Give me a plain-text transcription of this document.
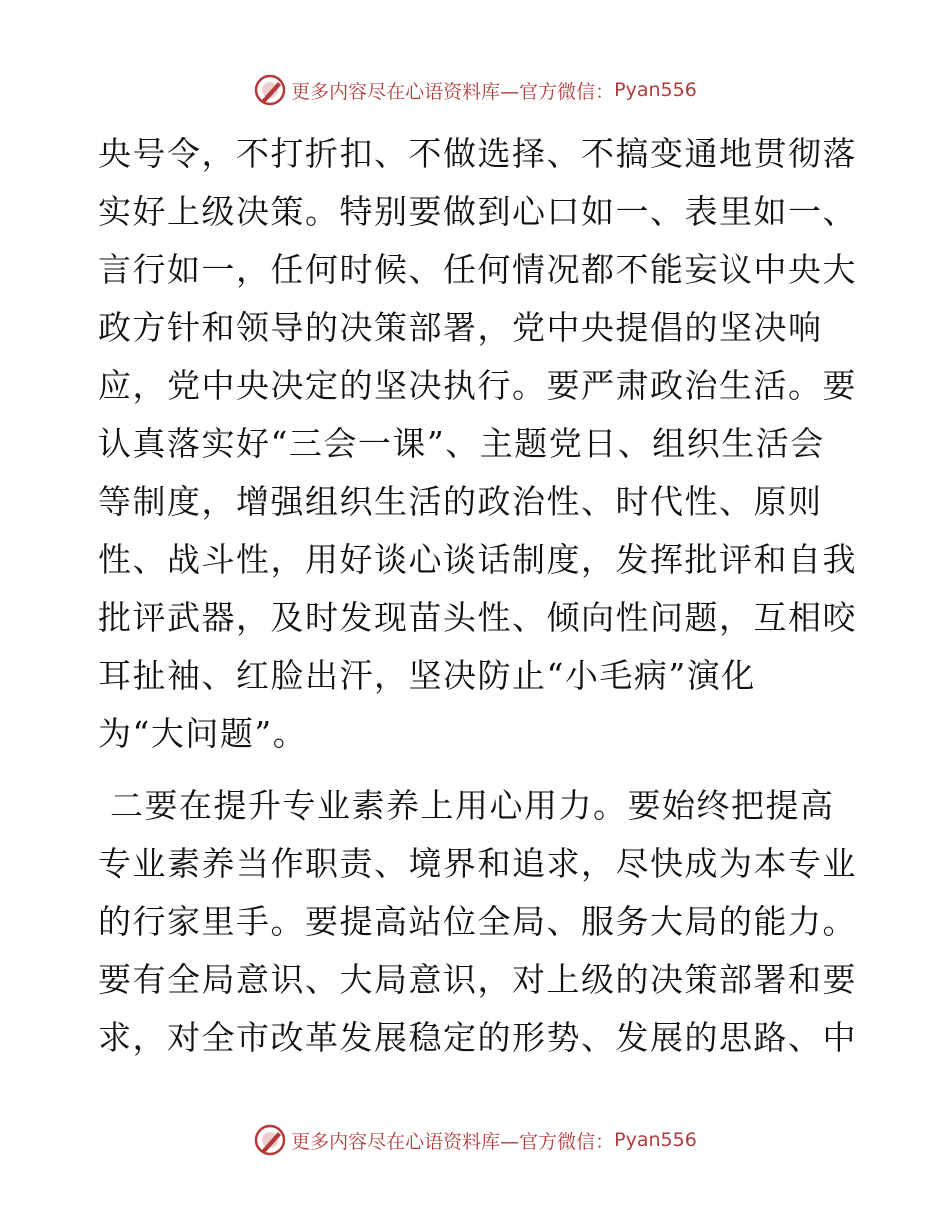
更多内容尽在心语资料库—官方微信： Pyan556

央号令，不打折扣、不做选择、不搞变通地贯彻落

实好上级决策。特别要做到心口如一、表里如一、

言行如一，任何时候、任何情况都不能妄议中央大

政方针和领导的决策部署，党中央提倡的坚决响

应，党中央决定的坚决执行。要严肃政治生活。要

认真落实好“三会一课”、主题党日、组织生活会

等制度，增强组织生活的政治性、时代性、原则

性、战斗性，用好谈心谈话制度，发挥批评和自我

批评武器，及时发现苗头性、倾向性问题，互相咬

耳扯袖、红脸出汗，坚决防止“小毛病”演化

为“大问题”。

二要在提升专业素养上用心用力。要始终把提高

专业素养当作职责、境界和追求，尽快成为本专业

的行家里手。要提高站位全局、服务大局的能力。

要有全局意识、大局意识，对上级的决策部署和要

求，对全市改革发展稳定的形势、发展的思路、中

更多内容尽在心语资料库—官方微信： Pyan556
